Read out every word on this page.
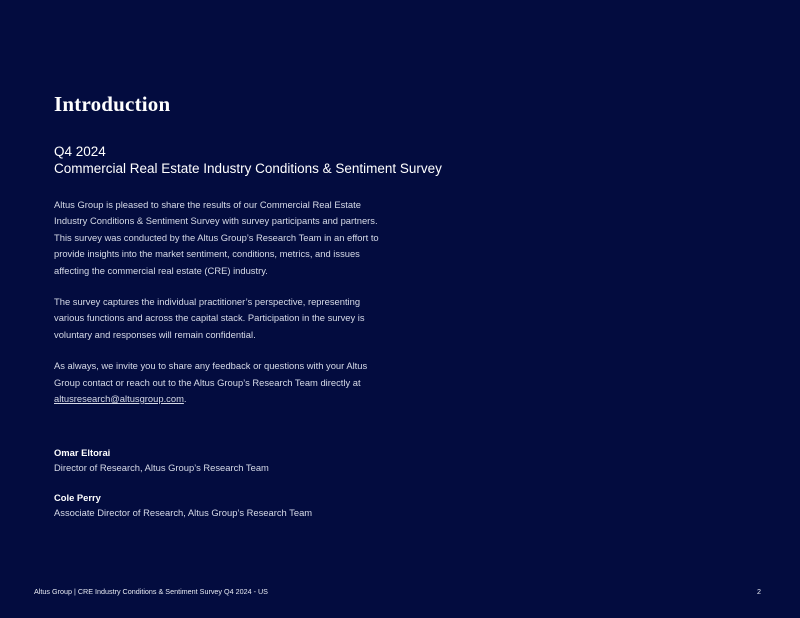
Introduction
Q4 2024
Commercial Real Estate Industry Conditions & Sentiment Survey

Altus Group is pleased to share the results of our Commercial Real Estate Industry Conditions & Sentiment Survey with survey participants and partners. This survey was conducted by the Altus Group’s Research Team in an effort to provide insights into the market sentiment, conditions, metrics, and issues affecting the commercial real estate (CRE) industry.

The survey captures the individual practitioner’s perspective, representing various functions and across the capital stack. Participation in the survey is voluntary and responses will remain confidential.

As always, we invite you to share any feedback or questions with your Altus Group contact or reach out to the Altus Group’s Research Team directly at altusresearch@altusgroup.com.

Omar Eltorai
Director of Research, Altus Group’s Research Team
Cole Perry
Associate Director of Research, Altus Group’s Research Team
Altus Group | CRE Industry Conditions & Sentiment Survey Q4 2024 - US	2
